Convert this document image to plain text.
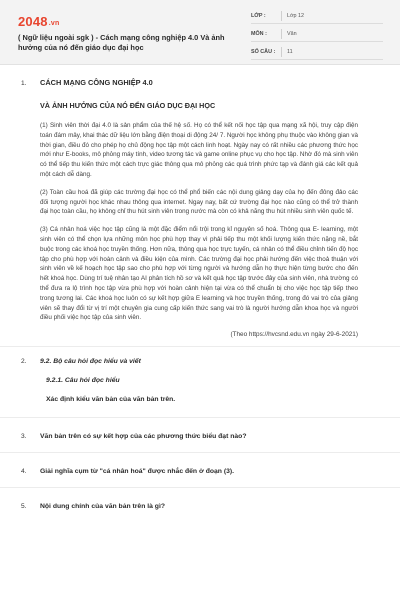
2048.vn
( Ngữ liệu ngoài sgk ) - Cách mạng công nghiệp 4.0 Và ảnh hưởng của nó đến giáo dục đại học
LỚP :	Lớp 12
MÔN :	Văn
SỐ CÂU :	11
1. CÁCH MẠNG CÔNG NGHIỆP 4.0

VÀ ẢNH HƯỞNG CỦA NÓ ĐẾN GIÁO DỤC ĐẠI HỌC

(1) Sinh viên thời đại 4.0 là sản phẩm của thế hệ số. Họ có thể kết nối học tập qua mạng xã hội, truy cập điện toán đám mây, khai thác dữ liệu lớn bằng điện thoại di động 24/ 7. Người học không phụ thuộc vào không gian và thời gian, điều đó cho phép họ chủ động học tập một cách linh hoạt. Ngày nay có rất nhiều các phương thức học mới như E-books, mô phỏng máy tính, video tương tác và game online phục vụ cho học tập. Nhờ đó mà sinh viên có thể tiếp thu kiến thức một cách trực giác thông qua mô phỏng các quá trình phức tạp và đánh giá các kết quả một cách dễ dàng.

(2) Toàn cầu hoá đã giúp các trường đại học có thể phổ biến các nội dung giảng dạy của họ đến đông đảo các đối tượng người học khác nhau thông qua internet. Ngay nay, bất cứ trường đại học nào cũng có thể trở thành đại học toàn cầu, họ không chỉ thu hút sinh viên trong nước mà còn có khả năng thu hút nhiều sinh viên quốc tế.

(3) Cá nhân hoá việc học tập cũng là một đặc điểm nổi trội trong kỉ nguyên số hoá. Thông qua E- learning, một sinh viên có thể chọn lựa những môn học phù hợp thay vì phải tiếp thu một khối lượng kiến thức nặng nề, bắt buộc trong các khoá học truyền thống. Hơn nữa, thông qua học trực tuyến, cá nhân có thể điều chỉnh tiến độ học tập cho phù hợp với hoàn cảnh và điều kiện của mình. Các trường đại học phải hướng đến việc thoả thuận với sinh viên về kế hoạch học tập sao cho phù hợp với từng người và hướng dẫn họ thực hiện từng bước cho đến hết khoá học. Dùng trí tuệ nhân tạo AI phân tích hồ sơ và kết quả học tập trước đây của sinh viên, nhà trường có thể đưa ra lộ trình học tập vừa phù hợp với hoàn cảnh hiện tại vừa có thể chuẩn bị cho việc học tập tiếp theo trong tương lai. Các khoá học luôn có sự kết hợp giữa E learning và học truyền thống, trong đó vai trò của giảng viên sẽ thay đổi từ vị trí một chuyên gia cung cấp kiến thức sang vai trò là người hướng dẫn khoa học và người điều phối việc học tập của sinh viên.

(Theo https://hvcsnd.edu.vn ngày 29-6-2021)

2. 9.2. Bộ câu hỏi đọc hiểu và viết
9.2.1. Câu hỏi đọc hiểu
Xác định kiểu văn bản của văn bản trên.
3. Văn bản trên có sự kết hợp của các phương thức biểu đạt nào?
4. Giải nghĩa cụm từ "cá nhân hoá" được nhắc đến ở đoạn (3).
5. Nội dung chính của văn bản trên là gì?
